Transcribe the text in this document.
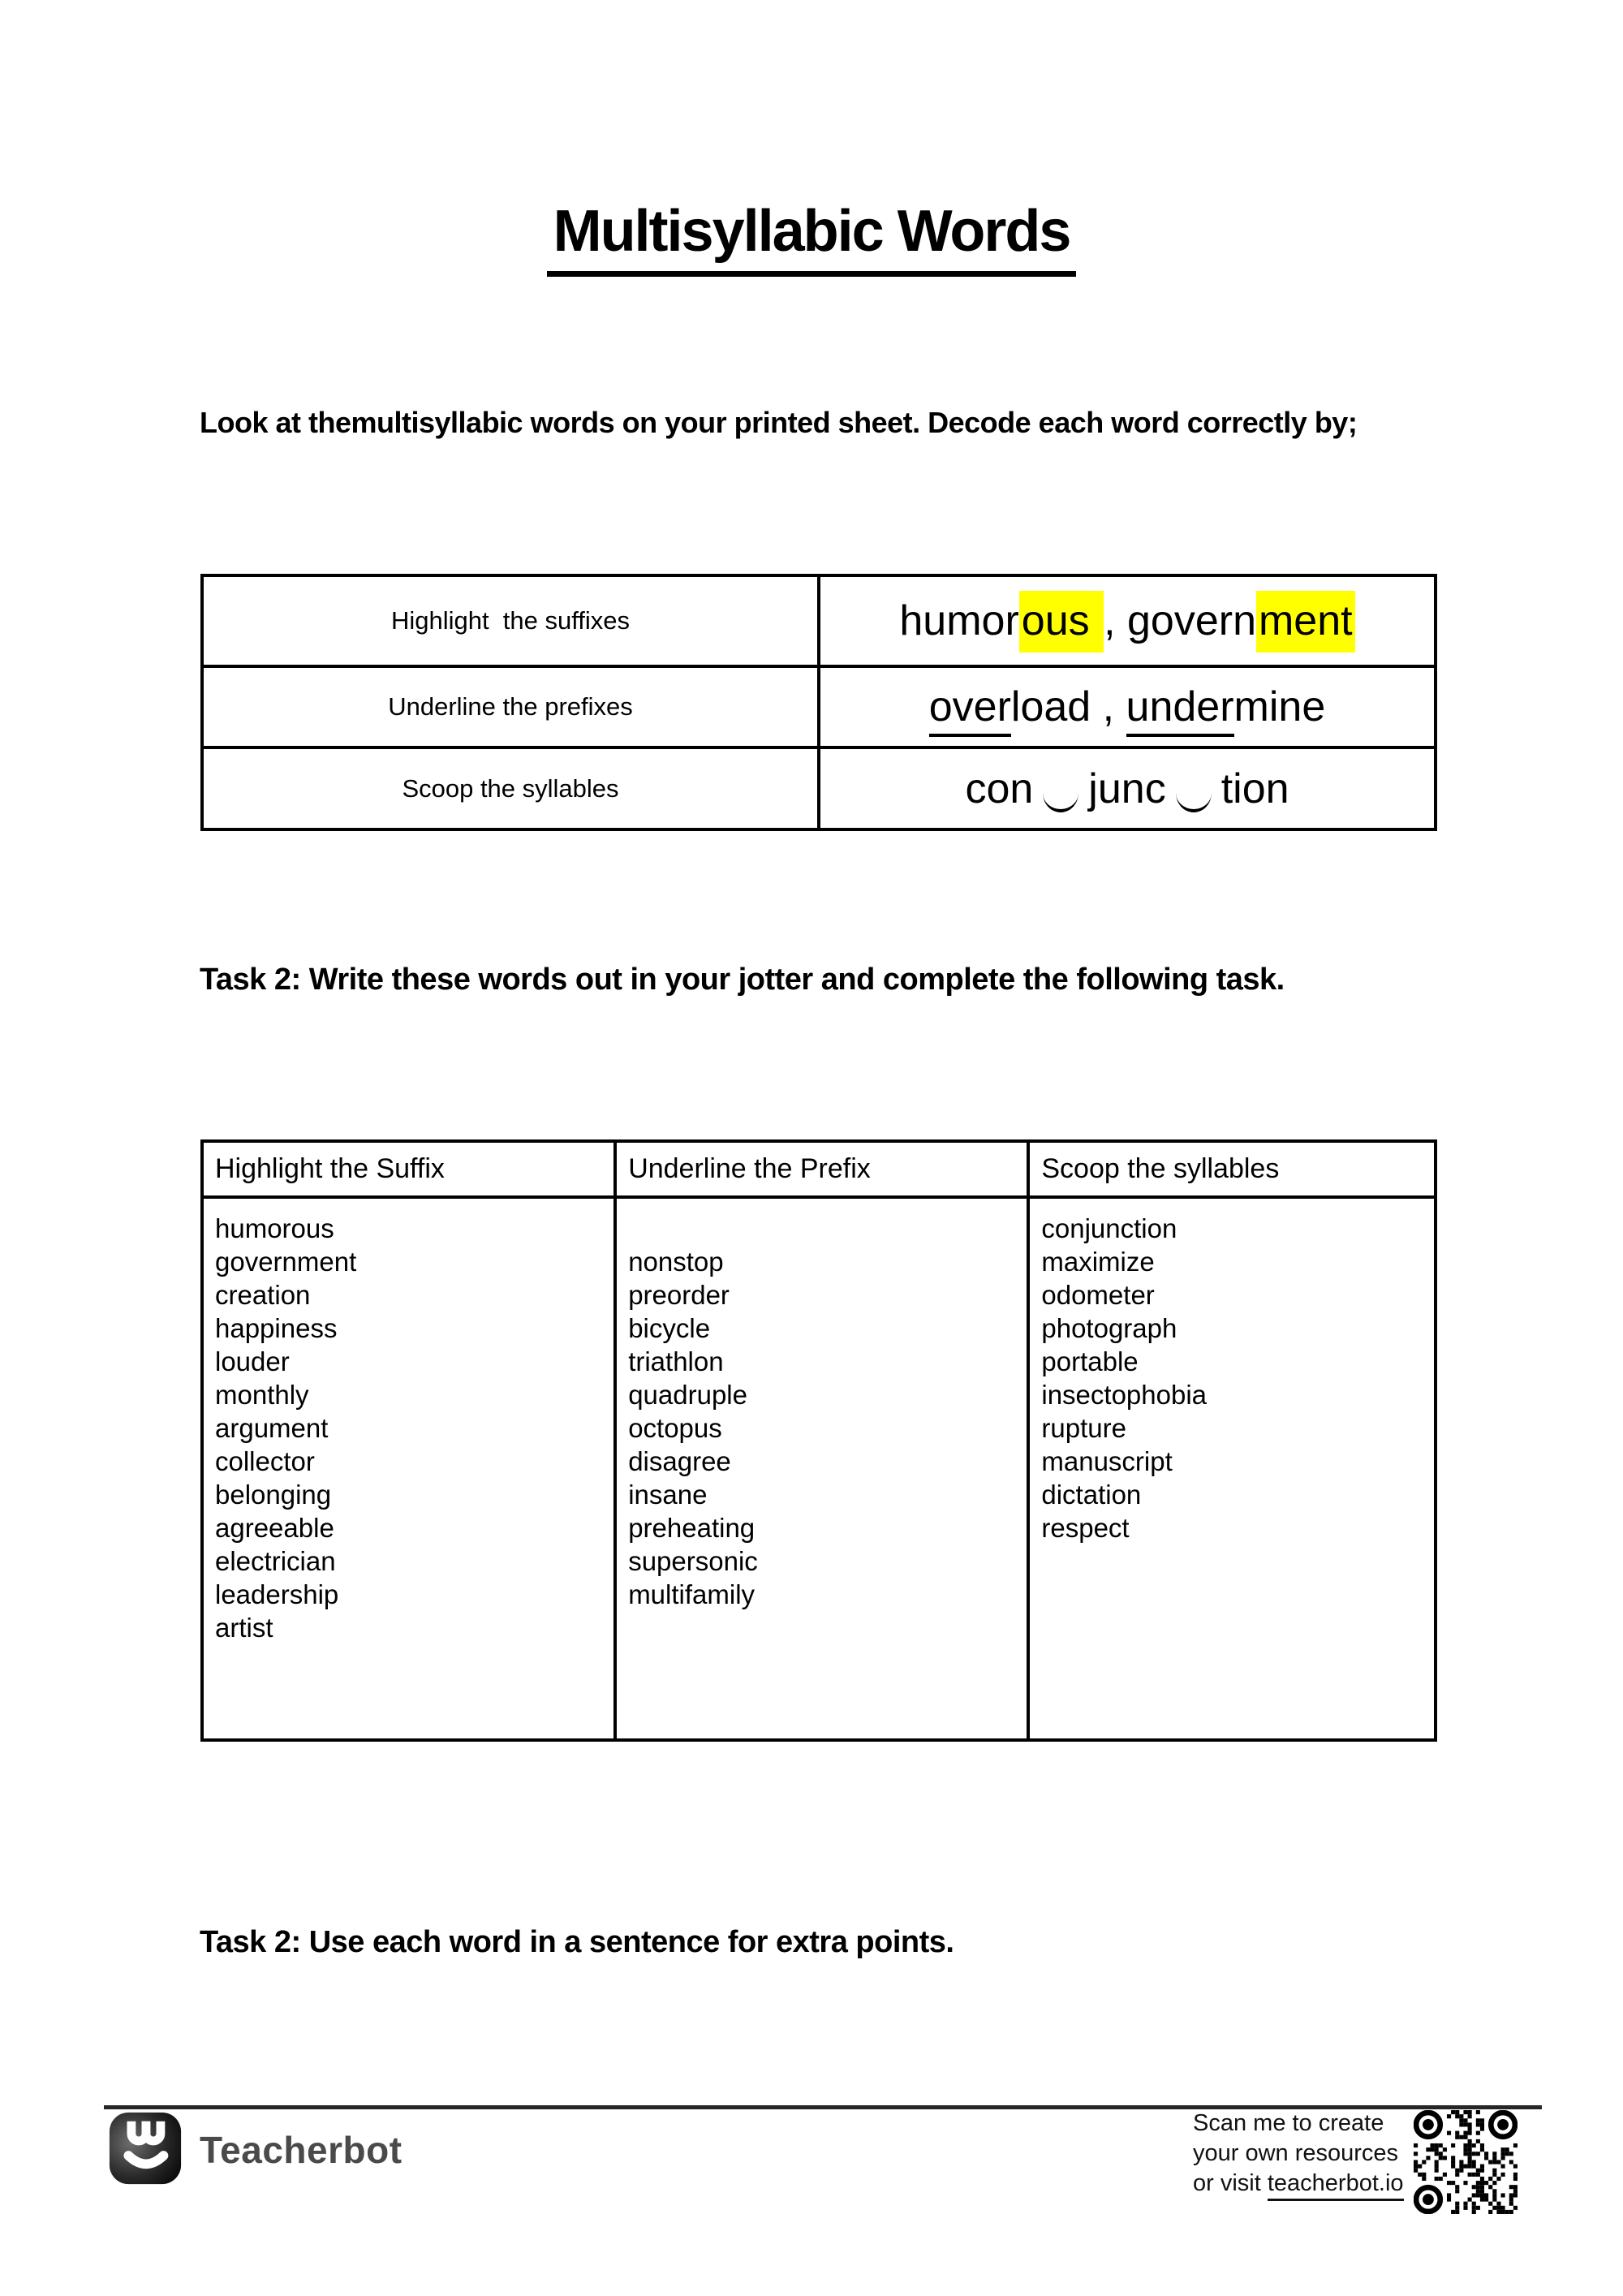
Multisyllabic Words
Look at themultisyllabic words on your printed sheet. Decode each word correctly by;
Highlight  the suffixes	humorous , government
Underline the prefixes	overload , undermine
Scoop the syllables	con junc tion
Task 2: Write these words out in your jotter and complete the following task.
Highlight the Suffix	Underline the Prefix	Scoop the syllables

humorous
government
creation
happiness
louder
monthly
argument
collector
belonging
agreeable
electrician
leadership
artist

nonstop
preorder
bicycle
triathlon
quadruple
octopus
disagree
insane
preheating
supersonic
multifamily

conjunction
maximize
odometer
photograph
portable
insectophobia
rupture
manuscript
dictation
respect
Task 2: Use each word in a sentence for extra points.
Teacherbot
Scan me to create
your own resources
or visit teacherbot.io
